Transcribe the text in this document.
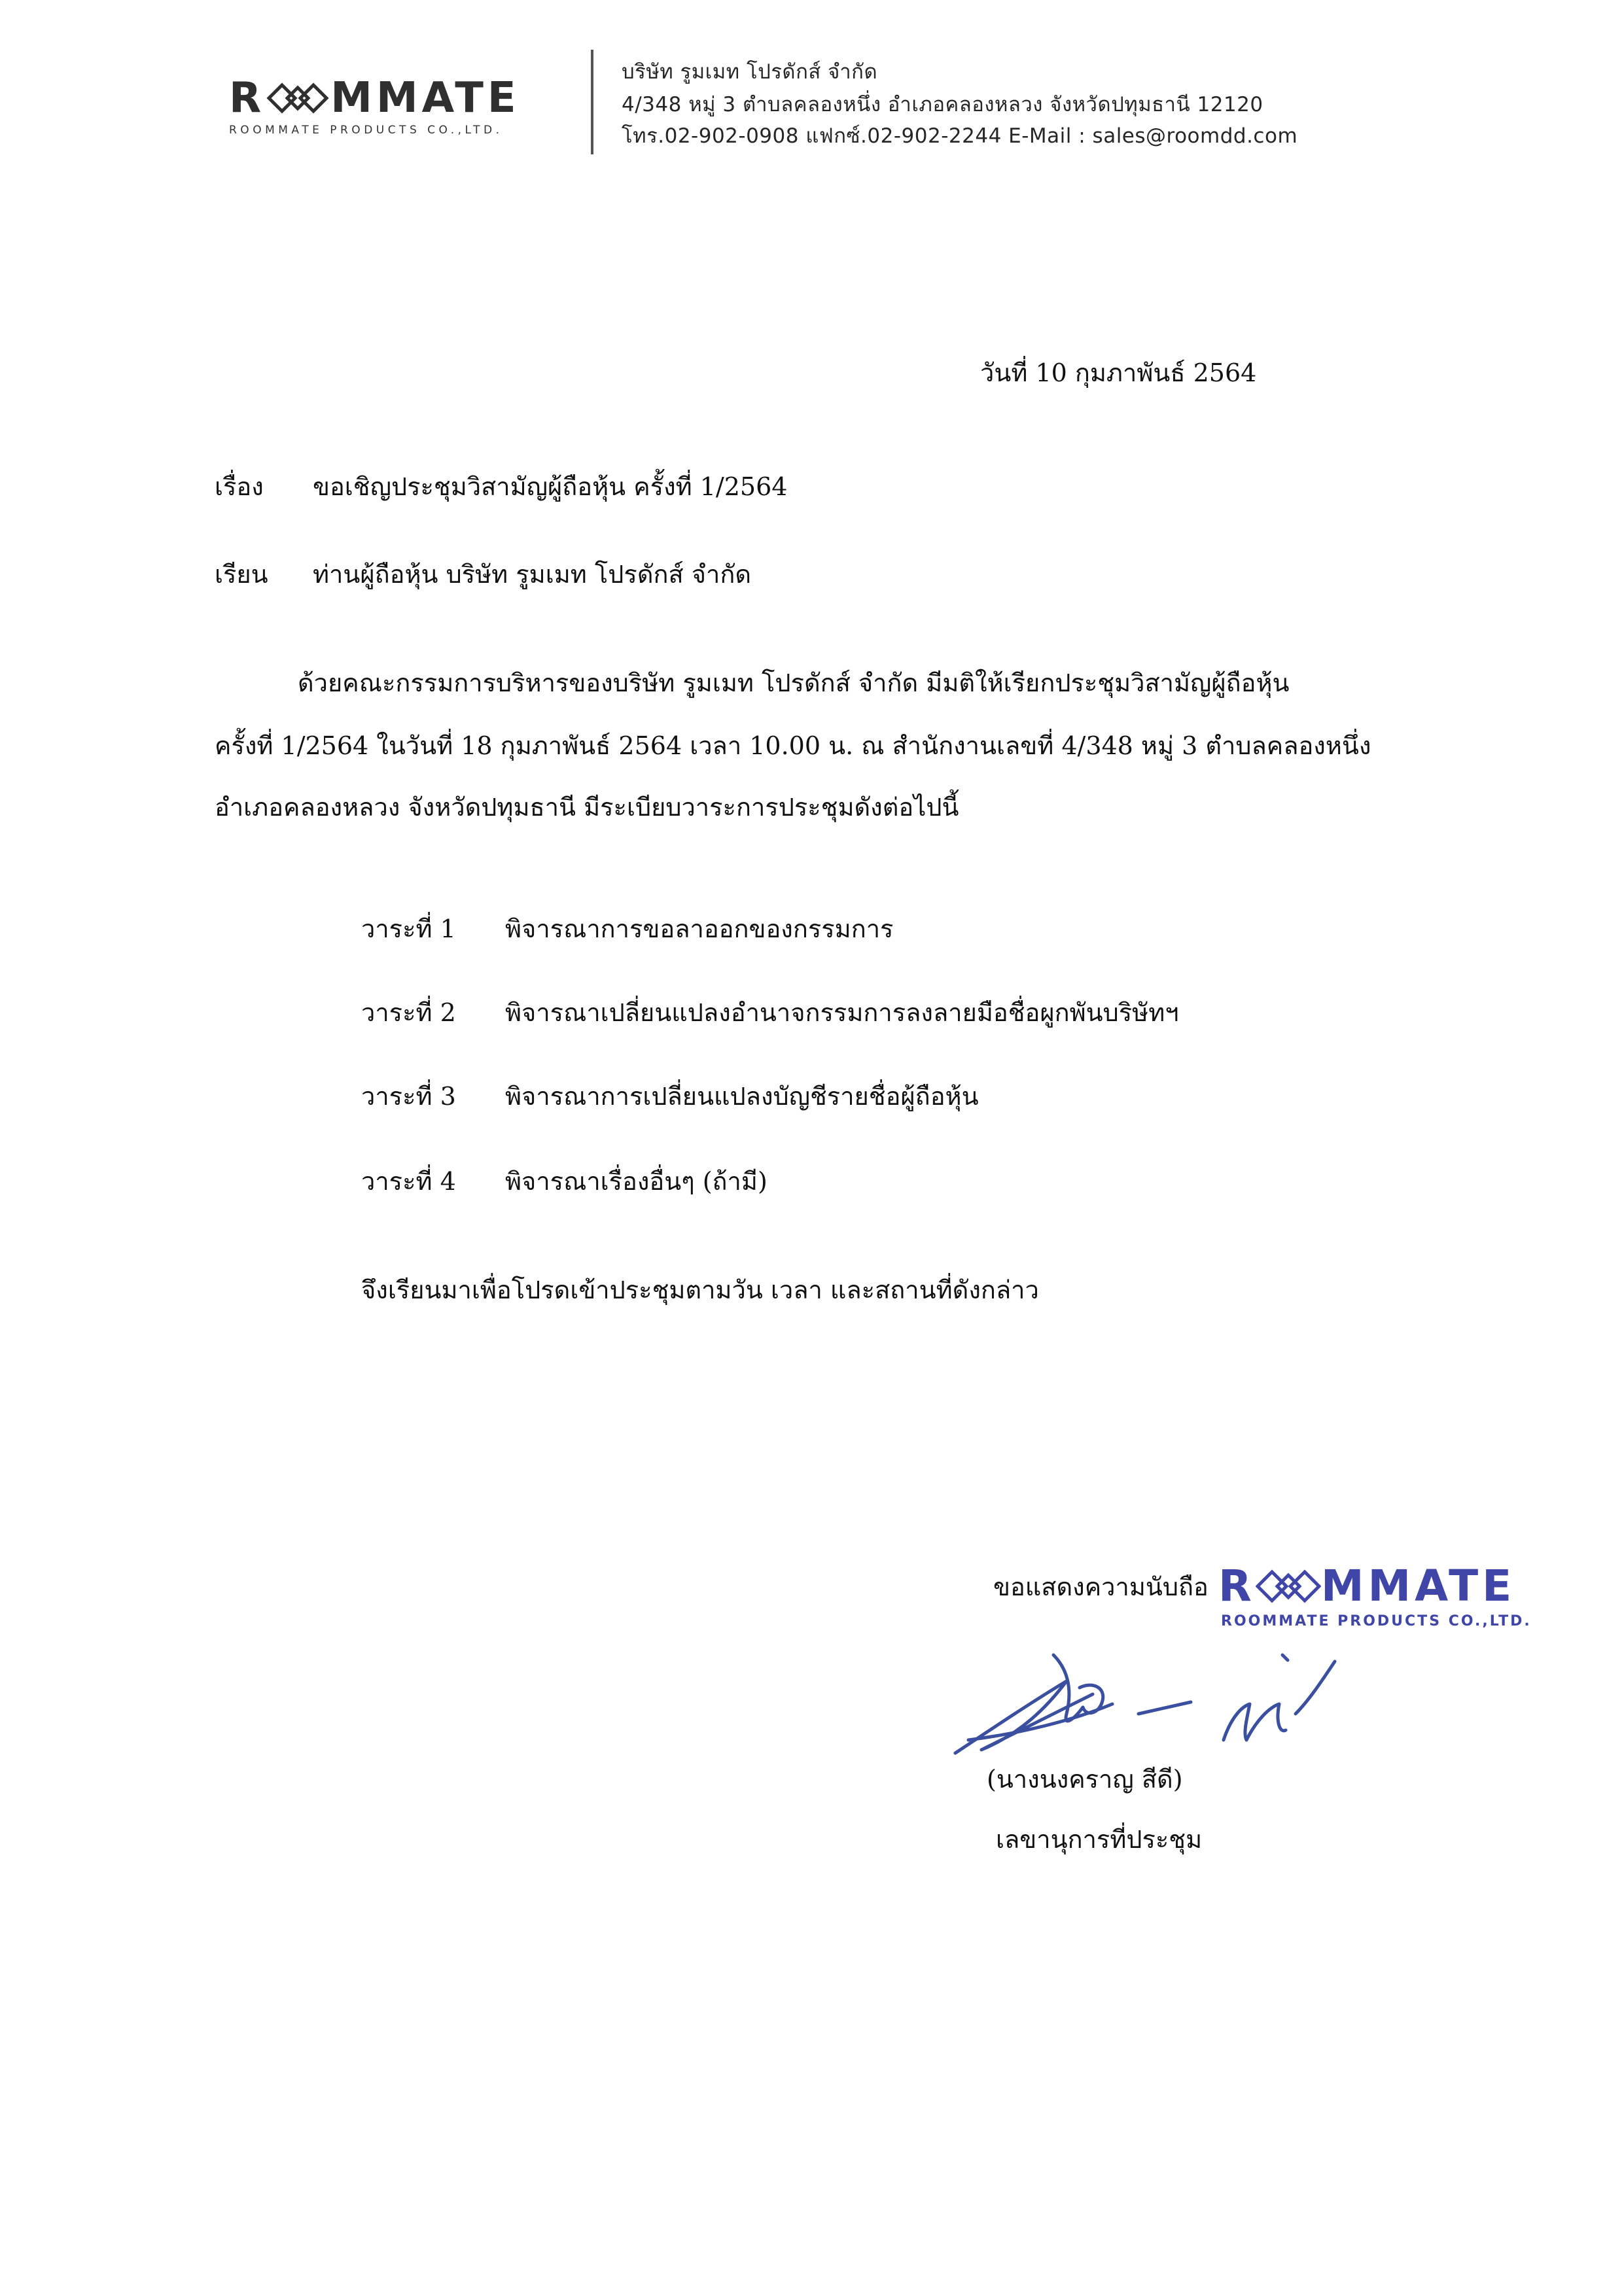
R MMATE
ROOMMATE PRODUCTS CO.,LTD.
บริษัท รูมเมท โปรดักส์ จำกัด
4/348 หมู่ 3 ตำบลคลองหนึ่ง อำเภอคลองหลวง จังหวัดปทุมธานี 12120
โทร.02-902-0908 แฟกซ์.02-902-2244 E-Mail : sales@roomdd.com
วันที่ 10 กุมภาพันธ์ 2564
เรื่อง ขอเชิญประชุมวิสามัญผู้ถือหุ้น ครั้งที่ 1/2564
เรียน ท่านผู้ถือหุ้น บริษัท รูมเมท โปรดักส์ จำกัด
ด้วยคณะกรรมการบริหารของบริษัท รูมเมท โปรดักส์ จำกัด มีมติให้เรียกประชุมวิสามัญผู้ถือหุ้น
ครั้งที่ 1/2564 ในวันที่ 18 กุมภาพันธ์ 2564 เวลา 10.00 น. ณ สำนักงานเลขที่ 4/348 หมู่ 3 ตำบลคลองหนึ่ง
อำเภอคลองหลวง จังหวัดปทุมธานี มีระเบียบวาระการประชุมดังต่อไปนี้
วาระที่ 1 พิจารณาการขอลาออกของกรรมการ
วาระที่ 2 พิจารณาเปลี่ยนแปลงอำนาจกรรมการลงลายมือชื่อผูกพันบริษัทฯ
วาระที่ 3 พิจารณาการเปลี่ยนแปลงบัญชีรายชื่อผู้ถือหุ้น
วาระที่ 4 พิจารณาเรื่องอื่นๆ (ถ้ามี)
จึงเรียนมาเพื่อโปรดเข้าประชุมตามวัน เวลา และสถานที่ดังกล่าว
ขอแสดงความนับถือ R MMATE
ROOMMATE PRODUCTS CO.,LTD.
(นางนงคราญ สีดี)
เลขานุการที่ประชุม
